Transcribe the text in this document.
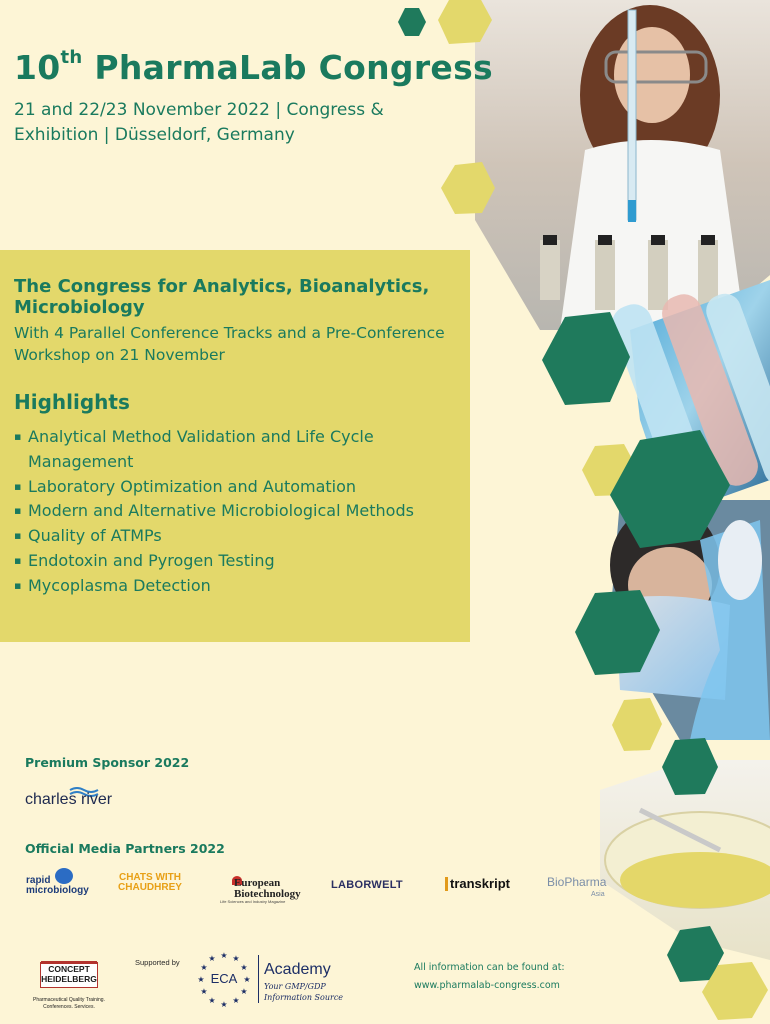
10th PharmaLab Congress

21 and 22/23 November 2022 | Congress & Exhibition | Düsseldorf, Germany

The Congress for Analytics, Bioanalytics, Microbiology

With 4 Parallel Conference Tracks and a Pre-Conference Workshop on 21 November

Highlights
▪ Analytical Method Validation and Life Cycle Management
▪ Laboratory Optimization and Automation
▪ Modern and Alternative Microbiological Methods
▪ Quality of ATMPs
▪ Endotoxin and Pyrogen Testing
▪ Mycoplasma Detection
Premium Sponsor 2022
charles river
Official Media Partners 2022
rapid microbiology
CHATS WITH CHAUDHREY	European Biotechnology
Life Sciences and Industry Magazine
LABORWELT	transkript	BioPharma
Asia
CONCEPT HEIDELBERG
Pharmaceutical Quality Training. Conferences. Services.
Supported by
★ ★
★
★
★
★
★
★
★
★
★
★
ECA
Academy
Your GMP/GDP Information Source
All information can be found at:
www.pharmalab-congress.com
